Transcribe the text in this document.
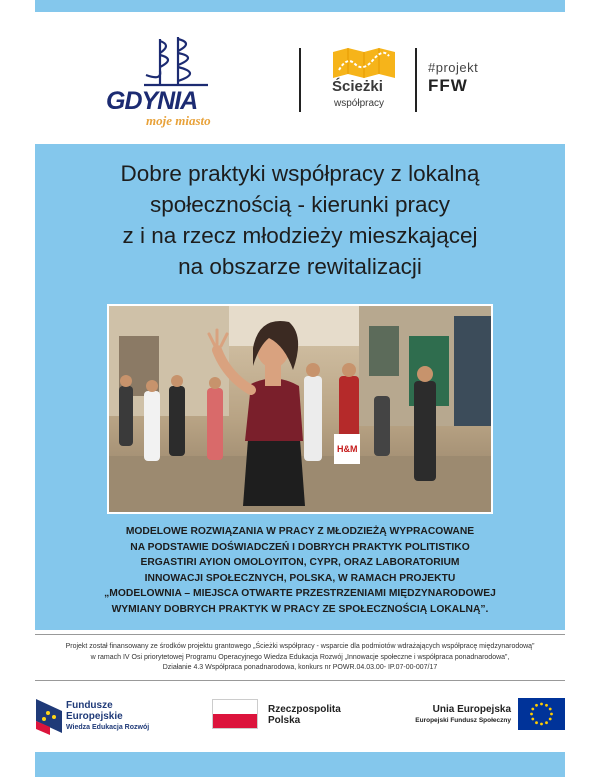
GDYNIA
moje miasto
Ścieżki
współpracy
#projekt
FFW
Dobre praktyki współpracy z lokalną
społecznością - kierunki pracy
z i na rzecz młodzieży mieszkającej
na obszarze rewitalizacji
H&M
MODELOWE ROZWIĄZANIA W PRACY Z MŁODZIEŻĄ WYPRACOWANE
NA PODSTAWIE DOŚWIADCZEŃ I DOBRYCH PRAKTYK POLITISTIKO
ERGASTIRI AYION OMOLOYITON, CYPR, ORAZ LABORATORIUM
INNOWACJI SPOŁECZNYCH, POLSKA, W RAMACH PROJEKTU
„MODELOWNIA – MIEJSCA OTWARTE PRZESTRZENIAMI MIĘDZYNARODOWEJ
WYMIANY DOBRYCH PRAKTYK W PRACY ZE SPOŁECZNOŚCIĄ LOKALNĄ”.
Projekt został finansowany ze środków projektu grantowego „Ścieżki współpracy - wsparcie dla podmiotów wdrażających współpracę międzynarodową”
w ramach IV Osi priorytetowej Programu Operacyjnego Wiedza Edukacja Rozwój „Innowacje społeczne i współpraca ponadnarodowa”,
Działanie 4.3 Współpraca ponadnarodowa, konkurs nr POWR.04.03.00- IP.07-00-007/17
Fundusze
Europejskie
Wiedza Edukacja Rozwój
Rzeczpospolita
Polska
Unia Europejska
Europejski Fundusz Społeczny
